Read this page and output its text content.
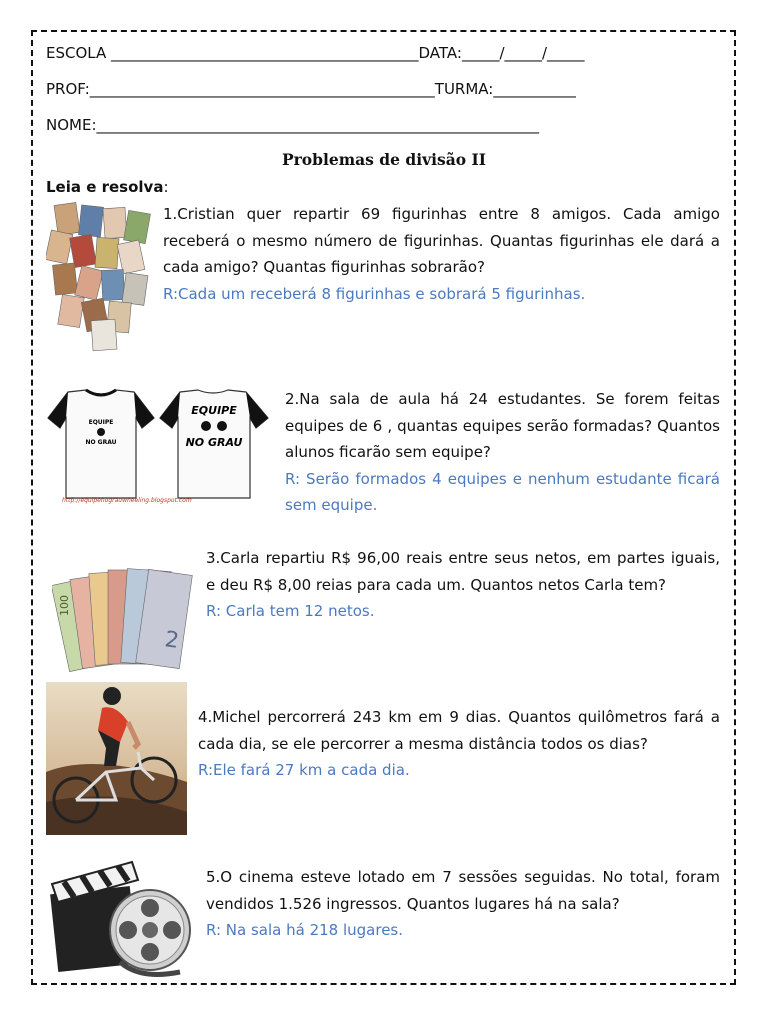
ESCOLA _________________________________________DATA:_____/_____/_____
PROF:______________________________________________TURMA:___________
NOME:___________________________________________________________
Problemas de divisão II
Leia e resolva:

1.Cristian quer repartir 69 figurinhas entre 8 amigos. Cada amigo receberá o mesmo número de figurinhas. Quantas figurinhas ele dará a cada amigo? Quantas figurinhas sobrarão?

R:Cada um receberá 8 figurinhas e sobrará 5 figurinhas.

EQUIPE
NO GRAU
EQUIPE
NO GRAU
http://equipenograuwheeling.blogspot.com

2.Na sala de aula há 24 estudantes. Se forem feitas equipes de 6 , quantas equipes serão formadas? Quantos alunos ficarão sem equipe?

R: Serão formados 4 equipes e nenhum estudante ficará sem equipe.

100
2

3.Carla repartiu R$ 96,00 reais entre seus netos, em partes iguais, e deu R$ 8,00 reias para cada um. Quantos netos Carla tem?

R: Carla tem 12 netos.

4.Michel percorrerá 243 km em 9 dias. Quantos quilômetros fará a cada dia, se ele percorrer a mesma distância todos os dias?

R:Ele fará 27 km a cada dia.

5.O cinema esteve lotado em 7 sessões seguidas. No total, foram vendidos 1.526 ingressos. Quantos lugares há na sala?

R: Na sala há 218 lugares.
